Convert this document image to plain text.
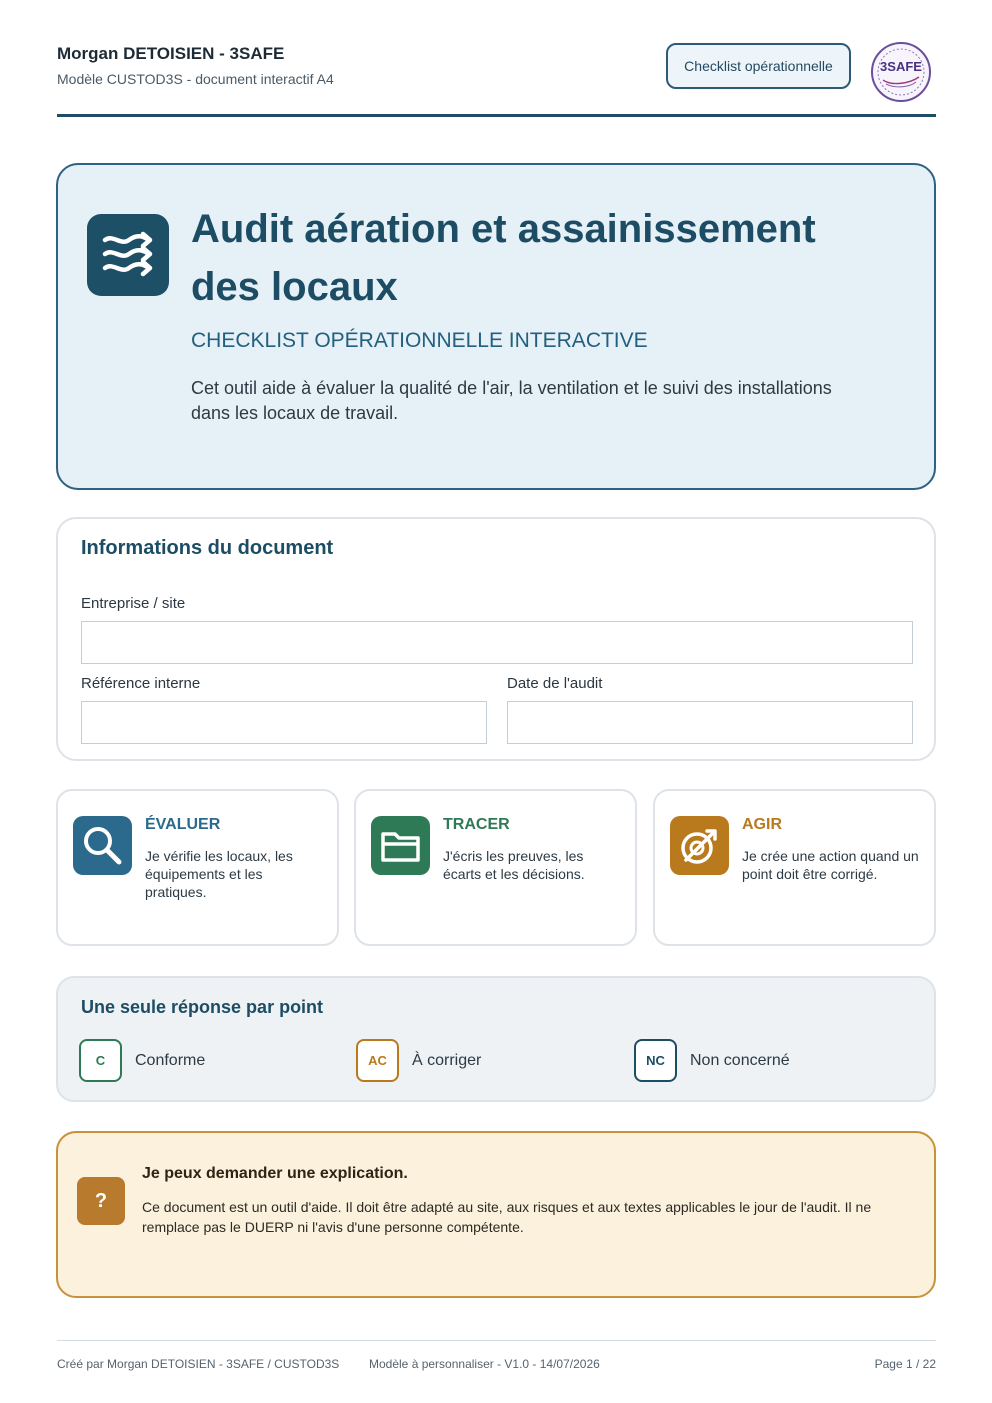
Morgan DETOISIEN - 3SAFE
Modèle CUSTOD3S - document interactif A4
Checklist opérationnelle	3SAFE
Audit aération et assainissement des locaux
CHECKLIST OPÉRATIONNELLE INTERACTIVE

Cet outil aide à évaluer la qualité de l'air, la ventilation et le suivi des installations dans les locaux de travail.

Informations du document
Entreprise / site
Référence interne	Date de l'audit
ÉVALUER
Je vérifie les locaux, les équipements et les pratiques.
TRACER
J'écris les preuves, les écarts et les décisions.
AGIR
Je crée une action quand un point doit être corrigé.
Une seule réponse par point
C	Conforme	AC	À corriger	NC	Non concerné
?
Je peux demander une explication.

Ce document est un outil d'aide. Il doit être adapté au site, aux risques et aux textes applicables le jour de l'audit. Il ne remplace pas le DUERP ni l'avis d'une personne compétente.

Créé par Morgan DETOISIEN - 3SAFE / CUSTOD3S Modèle à personnaliser - V1.0 - 14/07/2026	Page 1 / 22
